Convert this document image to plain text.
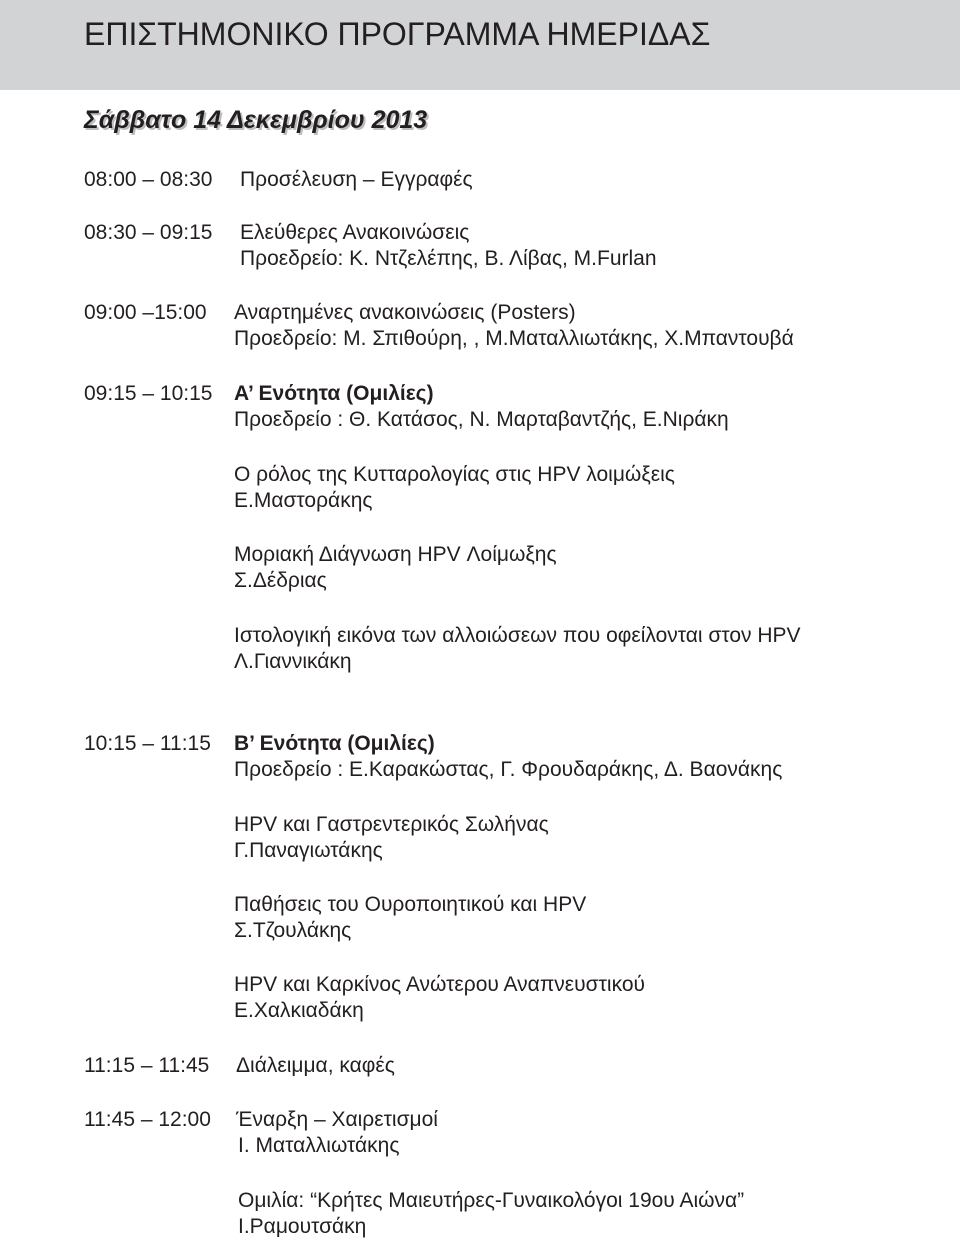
ΕΠΙΣΤΗΜΟΝΙΚΟ ΠΡΟΓΡΑΜΜΑ ΗΜΕΡΙΔΑΣ
Σάββατο 14 Δεκεμβρίου 2013
08:00 – 08:30 Προσέλευση – Εγγραφές
08:30 – 09:15 Ελεύθερες Ανακοινώσεις
Προεδρείο: Κ. Ντζελέπης, Β. Λίβας, Μ.Furlan
09:00 –15:00 Αναρτημένες ανακοινώσεις (Posters)
Προεδρείο: Μ. Σπιθούρη, , Μ.Ματαλλιωτάκης, Χ.Μπαντουβά
09:15 – 10:15 Α’ Ενότητα (Ομιλίες)
Προεδρείο : Θ. Κατάσος, Ν. Μαρταβαντζής, Ε.Νιράκη
Ο ρόλος της Κυτταρολογίας στις HPV λοιμώξεις
Ε.Μαστοράκης
Μοριακή Διάγνωση HPV Λοίμωξης
Σ.Δέδριας
Ιστολογική εικόνα των αλλοιώσεων που οφείλονται στον HPV
Λ.Γιαννικάκη
10:15 – 11:15 Β’ Ενότητα (Ομιλίες)
Προεδρείο : Ε.Καρακώστας, Γ. Φρουδαράκης, Δ. Βαονάκης
HPV και Γαστρεντερικός Σωλήνας
Γ.Παναγιωτάκης
Παθήσεις του Ουροποιητικού και HPV
Σ.Τζουλάκης
HPV και Καρκίνος Ανώτερου Αναπνευστικού
Ε.Χαλκιαδάκη
11:15 – 11:45 Διάλειμμα, καφές
11:45 – 12:00 Έναρξη – Χαιρετισμοί
Ι. Ματαλλιωτάκης
Ομιλία: “Κρήτες Μαιευτήρες-Γυναικολόγοι 19ου Αιώνα”
Ι.Ραμουτσάκη
